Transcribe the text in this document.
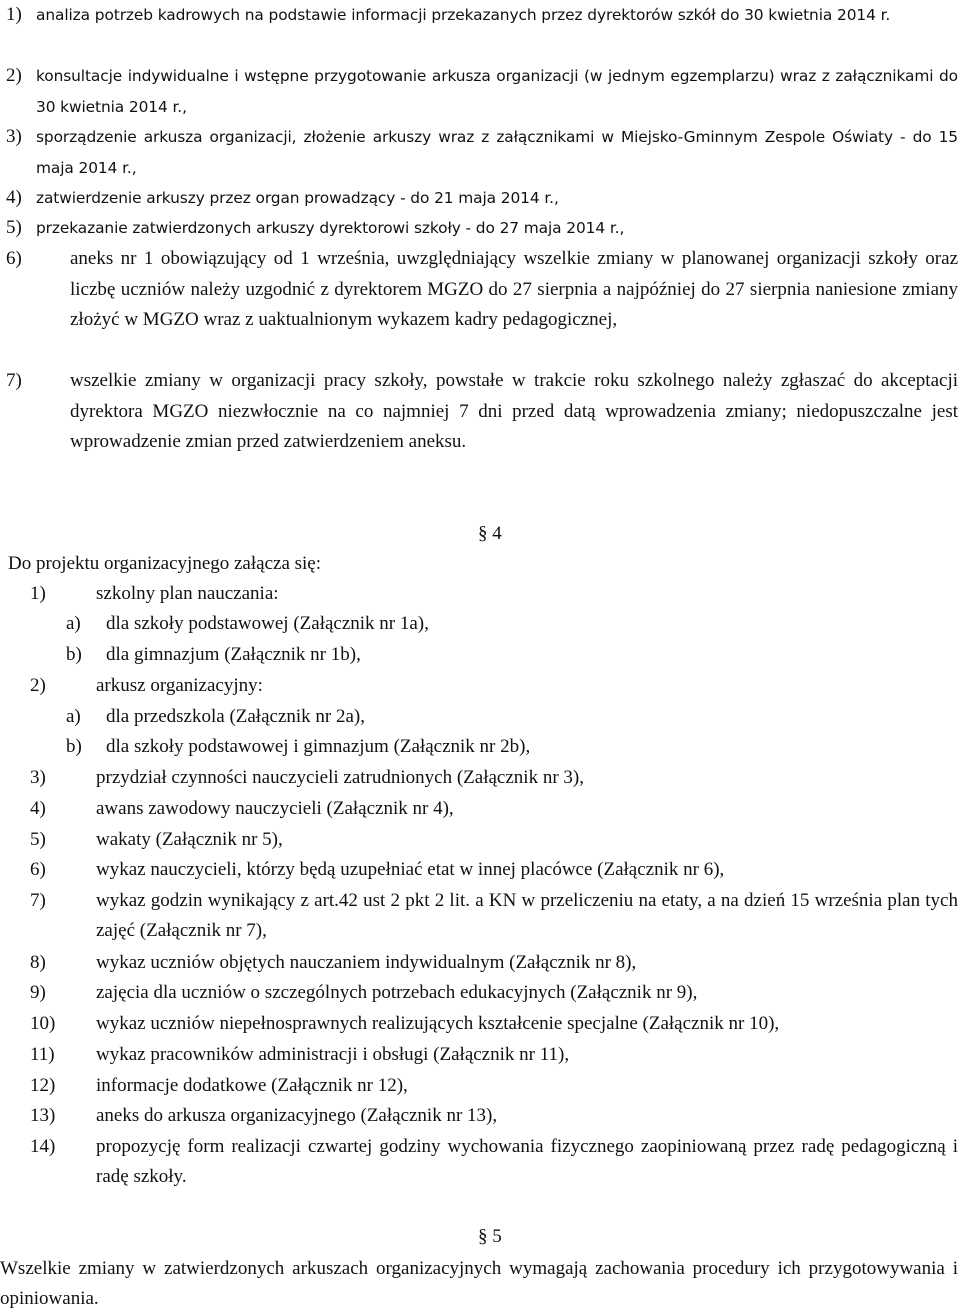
1) analiza potrzeb kadrowych na podstawie informacji przekazanych przez dyrektorów szkół do 30 kwietnia 2014 r.
2) konsultacje indywidualne i wstępne przygotowanie arkusza organizacji (w jednym egzemplarzu) wraz z załącznikami do 30 kwietnia 2014 r.,
3) sporządzenie arkusza organizacji, złożenie arkuszy wraz z załącznikami w Miejsko-Gminnym Zespole Oświaty - do 15 maja 2014 r.,
4) zatwierdzenie arkuszy przez organ prowadzący - do 21 maja 2014 r.,
5) przekazanie zatwierdzonych arkuszy dyrektorowi szkoły - do 27 maja 2014 r.,
6)	aneks nr 1 obowiązujący od 1 września, uwzględniający wszelkie zmiany w planowanej organizacji szkoły oraz liczbę uczniów należy uzgodnić z dyrektorem MGZO do 27 sierpnia a najpóźniej do 27 sierpnia naniesione zmiany złożyć w MGZO wraz z uaktualnionym wykazem kadry pedagogicznej,
7)	wszelkie zmiany w organizacji pracy szkoły, powstałe w trakcie roku szkolnego należy zgłaszać do akceptacji dyrektora MGZO niezwłocznie na co najmniej 7 dni przed datą wprowadzenia zmiany; niedopuszczalne jest wprowadzenie zmian przed zatwierdzeniem aneksu.
§ 4
Do projektu organizacyjnego załącza się:
1)	szkolny plan nauczania:
a) dla szkoły podstawowej (Załącznik nr 1a),
b) dla gimnazjum (Załącznik nr 1b),
2)	arkusz organizacyjny:
a) dla przedszkola (Załącznik nr 2a),
b) dla szkoły podstawowej i gimnazjum (Załącznik nr 2b),
3)	przydział czynności nauczycieli zatrudnionych (Załącznik nr 3),
4)	awans zawodowy nauczycieli (Załącznik nr 4),
5)	wakaty (Załącznik nr 5),
6)	wykaz nauczycieli, którzy będą uzupełniać etat w innej placówce (Załącznik nr 6),
7)	wykaz godzin wynikający z art.42 ust 2 pkt 2 lit. a KN w przeliczeniu na etaty, a na dzień 15 września plan tych zajęć (Załącznik nr 7),
8)	wykaz uczniów objętych nauczaniem indywidualnym (Załącznik nr 8),
9)	zajęcia dla uczniów o szczególnych potrzebach edukacyjnych (Załącznik nr 9),
10) wykaz uczniów niepełnosprawnych realizujących kształcenie specjalne (Załącznik nr 10),
11) wykaz pracowników administracji i obsługi (Załącznik nr 11),
12) informacje dodatkowe (Załącznik nr 12),
13) aneks do arkusza organizacyjnego (Załącznik nr 13),
14) propozycję form realizacji czwartej godziny wychowania fizycznego zaopiniowaną przez radę pedagogiczną i radę szkoły.
§ 5
Wszelkie zmiany w zatwierdzonych arkuszach organizacyjnych wymagają zachowania procedury ich przygotowywania i opiniowania.
